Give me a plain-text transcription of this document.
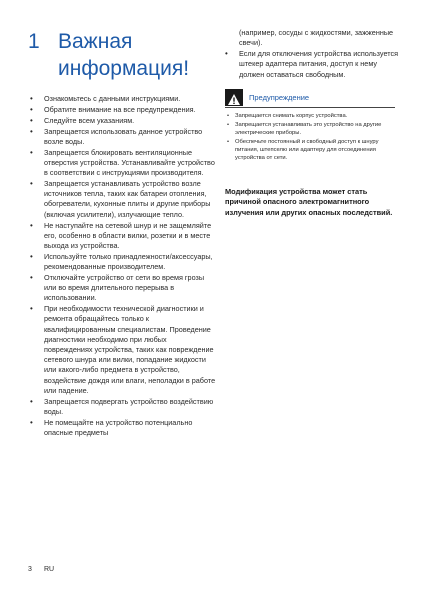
1 Важная информация!
• Ознакомьтесь с данными инструкциями.
• Обратите внимание на все предупреждения.
• Следуйте всем указаниям.
• Запрещается использовать данное устройство возле воды.
• Запрещается блокировать вентиляционные отверстия устройства. Устанавливайте устройство в соответствии с инструкциями производителя.
• Запрещается устанавливать устройство возле источников тепла, таких как батареи отопления, обогреватели, кухонные плиты и другие приборы (включая усилители), излучающие тепло.
• Не наступайте на сетевой шнур и не защемляйте его, особенно в области вилки, розетки и в месте выхода из устройства.
• Используйте только принадлежности/аксессуары, рекомендованные производителем.
• Отключайте устройство от сети во время грозы или во время длительного перерыва в использовании.
• При необходимости технической диагностики и ремонта обращайтесь только к квалифицированным специалистам. Проведение диагностики необходимо при любых повреждениях устройства, таких как повреждение сетевого шнура или вилки, попадание жидкости или какого-либо предмета в устройство, воздействие дождя или влаги, неполадки в работе или падение.
• Запрещается подвергать устройство воздействию воды.
• Не помещайте на устройство потенциально опасные предметы
(например, сосуды с жидкостями, зажженные свечи).
• Если для отключения устройства используется штекер адаптера питания, доступ к нему должен оставаться свободным.
Предупреждение
• Запрещается снимать корпус устройства.
• Запрещается устанавливать это устройство на другие электрические приборы.
• Обеспечьте постоянный и свободный доступ к шнуру питания, штепселю или адаптеру для отсоединения устройства от сети.
Модификация устройства может стать причиной опасного электромагнитного излучения или других опасных последствий.
3 RU
